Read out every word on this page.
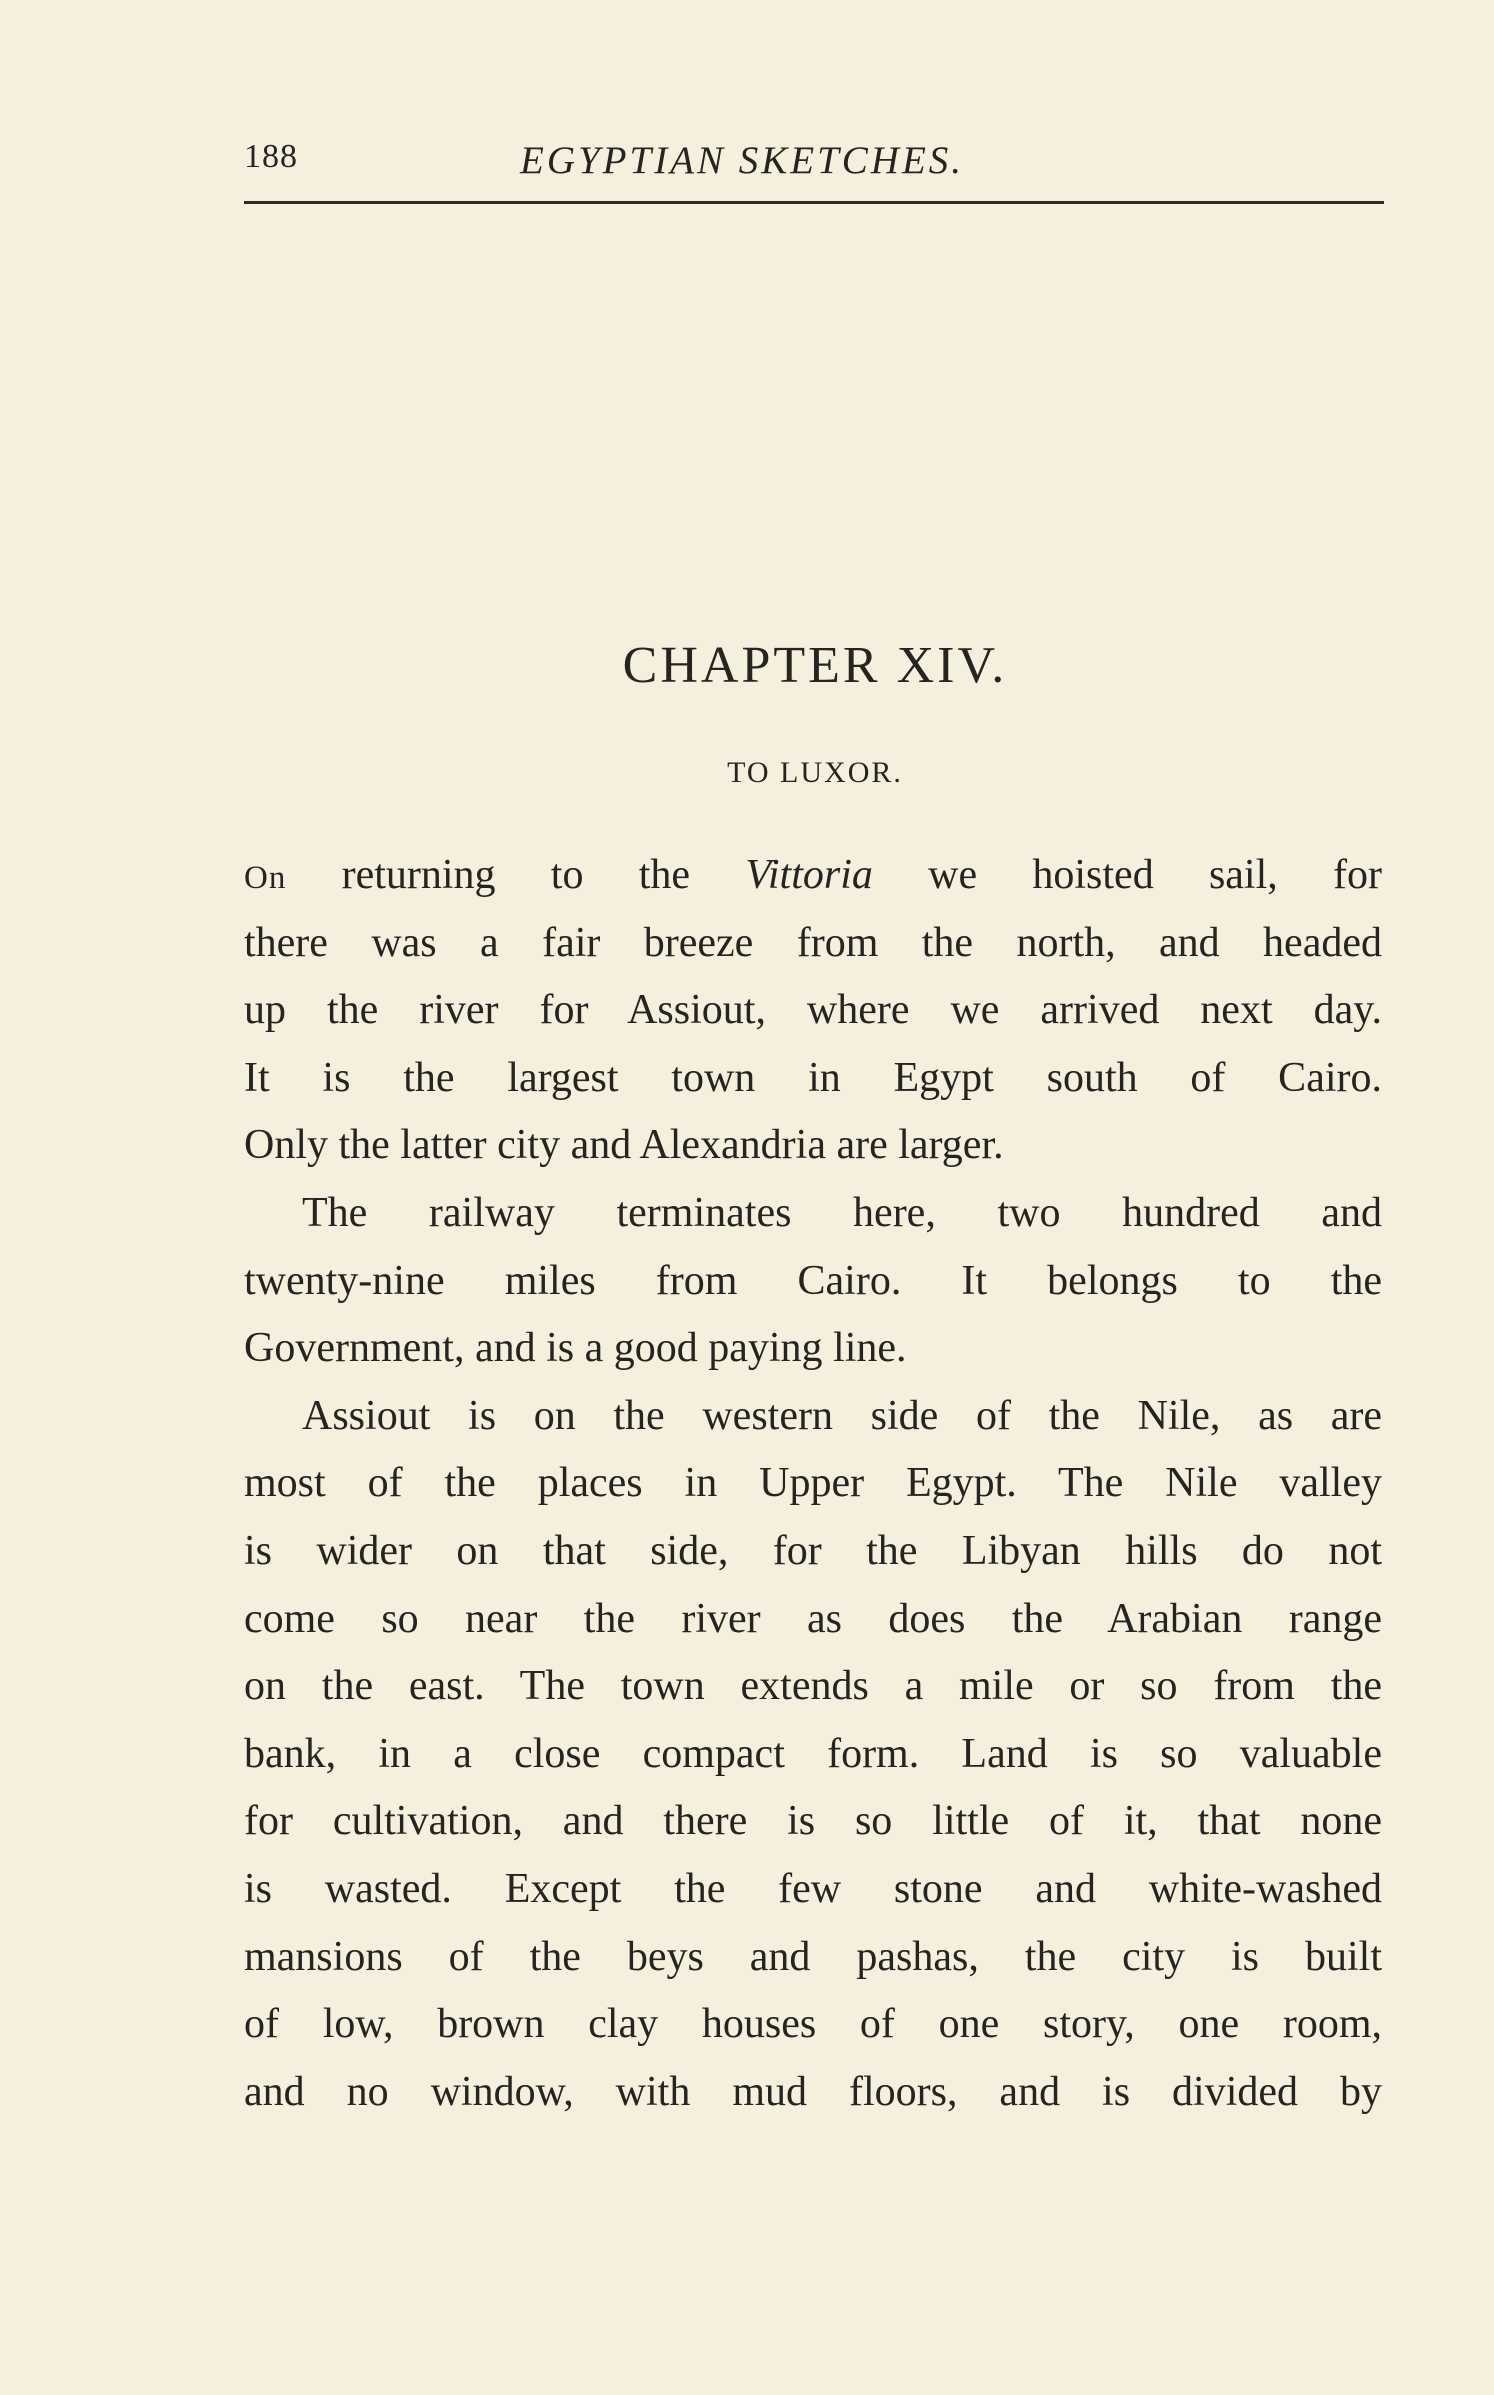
188	EGYPTIAN SKETCHES.
CHAPTER XIV.
TO LUXOR.
On returning to the Vittoria we hoisted sail, for
there was a fair breeze from the north, and headed
up the river for Assiout, where we arrived next day.
It is the largest town in Egypt south of Cairo.
Only the latter city and Alexandria are larger.
The railway terminates here, two hundred and
twenty-nine miles from Cairo. It belongs to the
Government, and is a good paying line.
Assiout is on the western side of the Nile, as are
most of the places in Upper Egypt. The Nile valley
is wider on that side, for the Libyan hills do not
come so near the river as does the Arabian range
on the east. The town extends a mile or so from the
bank, in a close compact form. Land is so valuable
for cultivation, and there is so little of it, that none
is wasted. Except the few stone and white-washed
mansions of the beys and pashas, the city is built
of low, brown clay houses of one story, one room,
and no window, with mud floors, and is divided by
